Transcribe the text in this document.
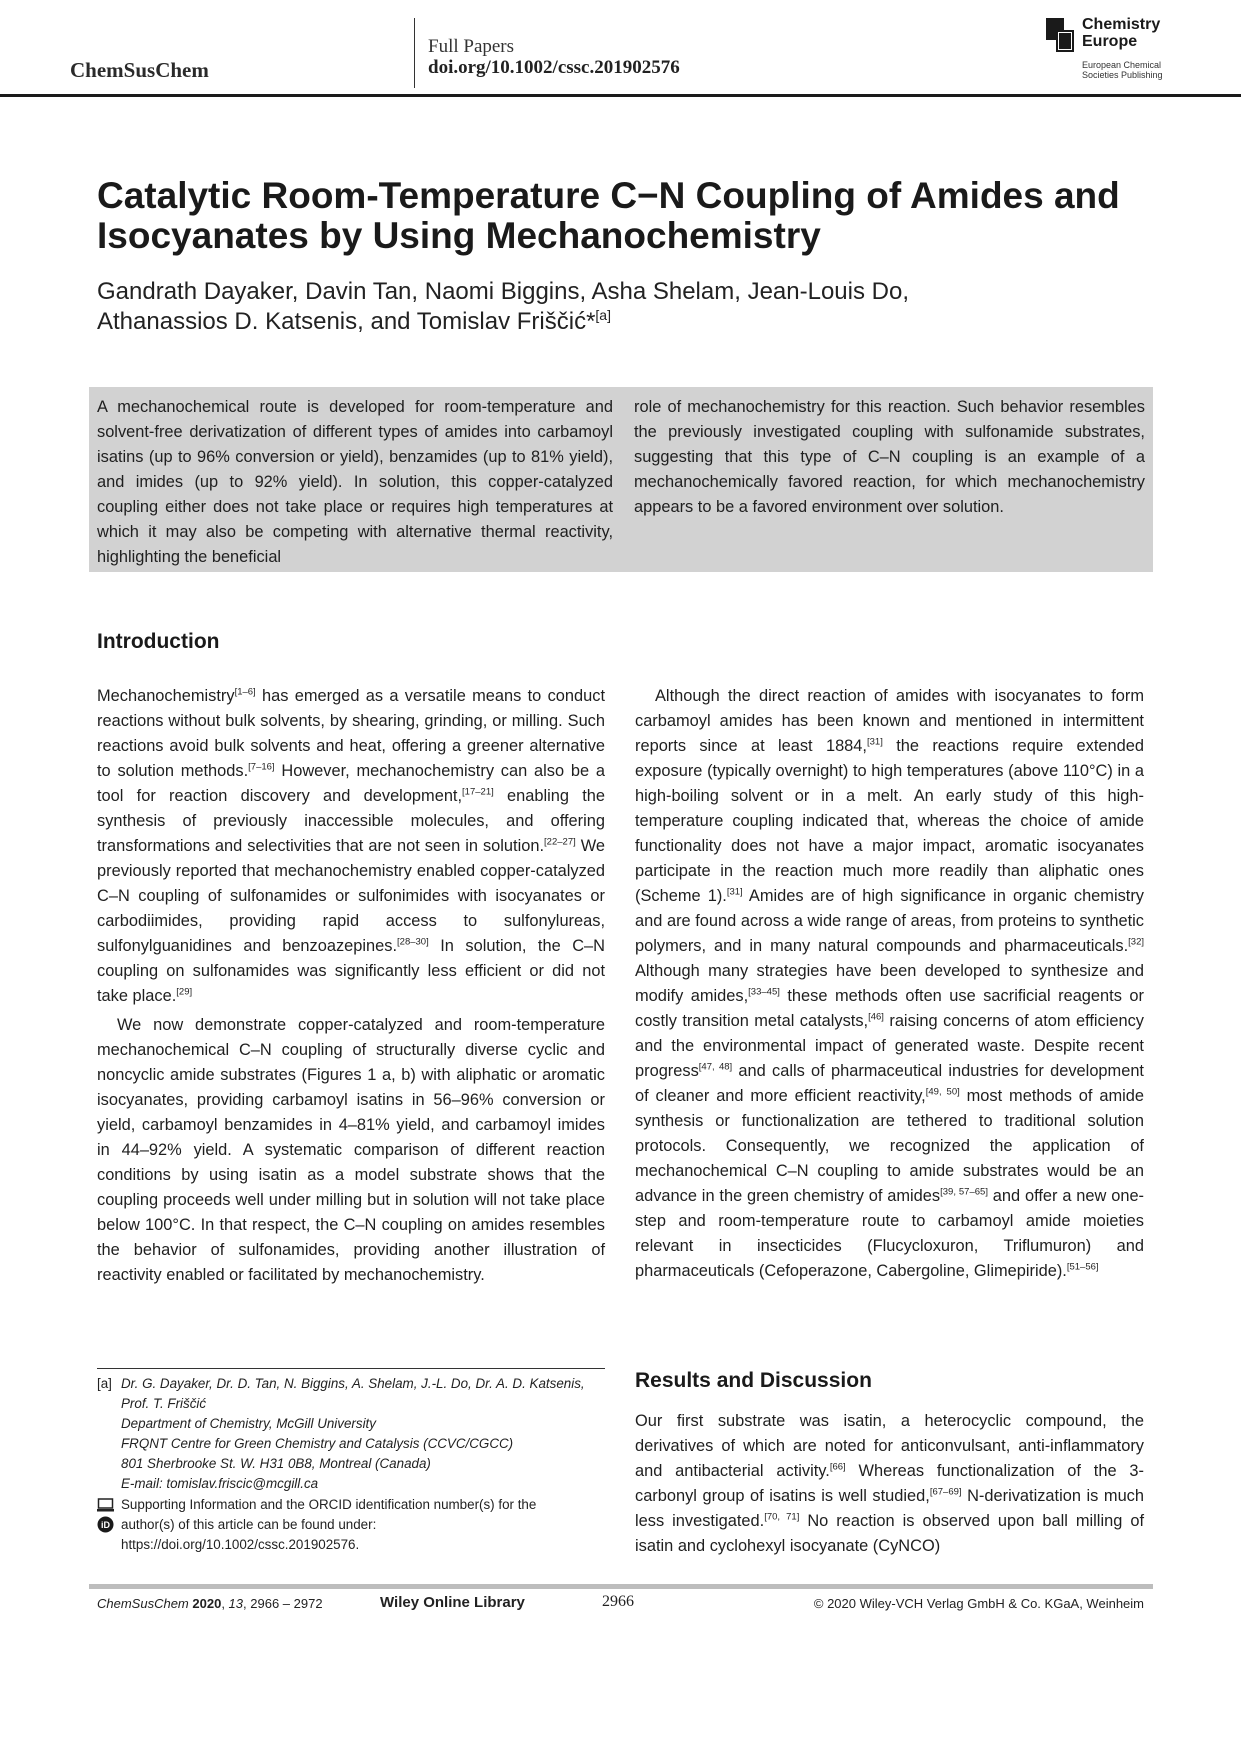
ChemSusChem
Full Papers
doi.org/10.1002/cssc.201902576
Chemistry
Europe
European Chemical
Societies Publishing
Catalytic Room-Temperature C−N Coupling of Amides and Isocyanates by Using Mechanochemistry

Gandrath Dayaker, Davin Tan, Naomi Biggins, Asha Shelam, Jean-Louis Do,
Athanassios D. Katsenis, and Tomislav Friščić*[a]

A mechanochemical route is developed for room-temperature and solvent-free derivatization of different types of amides into carbamoyl isatins (up to 96% conversion or yield), benzamides (up to 81% yield), and imides (up to 92% yield). In solution, this copper-catalyzed coupling either does not take place or requires high temperatures at which it may also be competing with alternative thermal reactivity, highlighting the beneficial
role of mechanochemistry for this reaction. Such behavior resembles the previously investigated coupling with sulfonamide substrates, suggesting that this type of C–N coupling is an example of a mechanochemically favored reaction, for which mechanochemistry appears to be a favored environment over solution.
Introduction

Mechanochemistry[1–6] has emerged as a versatile means to conduct reactions without bulk solvents, by shearing, grinding, or milling. Such reactions avoid bulk solvents and heat, offering a greener alternative to solution methods.[7–16] However, mechanochemistry can also be a tool for reaction discovery and development,[17–21] enabling the synthesis of previously inaccessible molecules, and offering transformations and selectivities that are not seen in solution.[22–27] We previously reported that mechanochemistry enabled copper-catalyzed C–N coupling of sulfonamides or sulfonimides with isocyanates or carbodiimides, providing rapid access to sulfonylureas, sulfonylguanidines and benzoazepines.[28–30] In solution, the C–N coupling on sulfonamides was significantly less efficient or did not take place.[29]

We now demonstrate copper-catalyzed and room-temperature mechanochemical C–N coupling of structurally diverse cyclic and noncyclic amide substrates (Figures 1 a, b) with aliphatic or aromatic isocyanates, providing carbamoyl isatins in 56–96% conversion or yield, carbamoyl benzamides in 4–81% yield, and carbamoyl imides in 44–92% yield. A systematic comparison of different reaction conditions by using isatin as a model substrate shows that the coupling proceeds well under milling but in solution will not take place below 100°C. In that respect, the C–N coupling on amides resembles the behavior of sulfonamides, providing another illustration of reactivity enabled or facilitated by mechanochemistry.

Although the direct reaction of amides with isocyanates to form carbamoyl amides has been known and mentioned in intermittent reports since at least 1884,[31] the reactions require extended exposure (typically overnight) to high temperatures (above 110°C) in a high-boiling solvent or in a melt. An early study of this high-temperature coupling indicated that, whereas the choice of amide functionality does not have a major impact, aromatic isocyanates participate in the reaction much more readily than aliphatic ones (Scheme 1).[31] Amides are of high significance in organic chemistry and are found across a wide range of areas, from proteins to synthetic polymers, and in many natural compounds and pharmaceuticals.[32] Although many strategies have been developed to synthesize and modify amides,[33–45] these methods often use sacrificial reagents or costly transition metal catalysts,[46] raising concerns of atom efficiency and the environmental impact of generated waste. Despite recent progress[47, 48] and calls of pharmaceutical industries for development of cleaner and more efficient reactivity,[49, 50] most methods of amide synthesis or functionalization are tethered to traditional solution protocols. Consequently, we recognized the application of mechanochemical C–N coupling to amide substrates would be an advance in the green chemistry of amides[39, 57–65] and offer a new one-step and room-temperature route to carbamoyl amide moieties relevant in insecticides (Flucycloxuron, Triflumuron) and pharmaceuticals (Cefoperazone, Cabergoline, Glimepiride).[51–56]

Results and Discussion

Our first substrate was isatin, a heterocyclic compound, the derivatives of which are noted for anticonvulsant, anti-inflammatory and antibacterial activity.[66] Whereas functionalization of the 3-carbonyl group of isatins is well studied,[67–69] N-derivatization is much less investigated.[70, 71] No reaction is observed upon ball milling of isatin and cyclohexyl isocyanate (CyNCO)

[a] Dr. G. Dayaker, Dr. D. Tan, N. Biggins, A. Shelam, J.-L. Do, Dr. A. D. Katsenis, Prof. T. Friščić
Department of Chemistry, McGill University
FRQNT Centre for Green Chemistry and Catalysis (CCVC/CGCC)
801 Sherbrooke St. W. H31 0B8, Montreal (Canada)
E-mail: tomislav.friscic@mcgill.ca
iD
Supporting Information and the ORCID identification number(s) for the
author(s) of this article can be found under:
https://doi.org/10.1002/cssc.201902576.
ChemSusChem 2020, 13, 2966 – 2972	Wiley Online Library	2966	© 2020 Wiley-VCH Verlag GmbH & Co. KGaA, Weinheim
